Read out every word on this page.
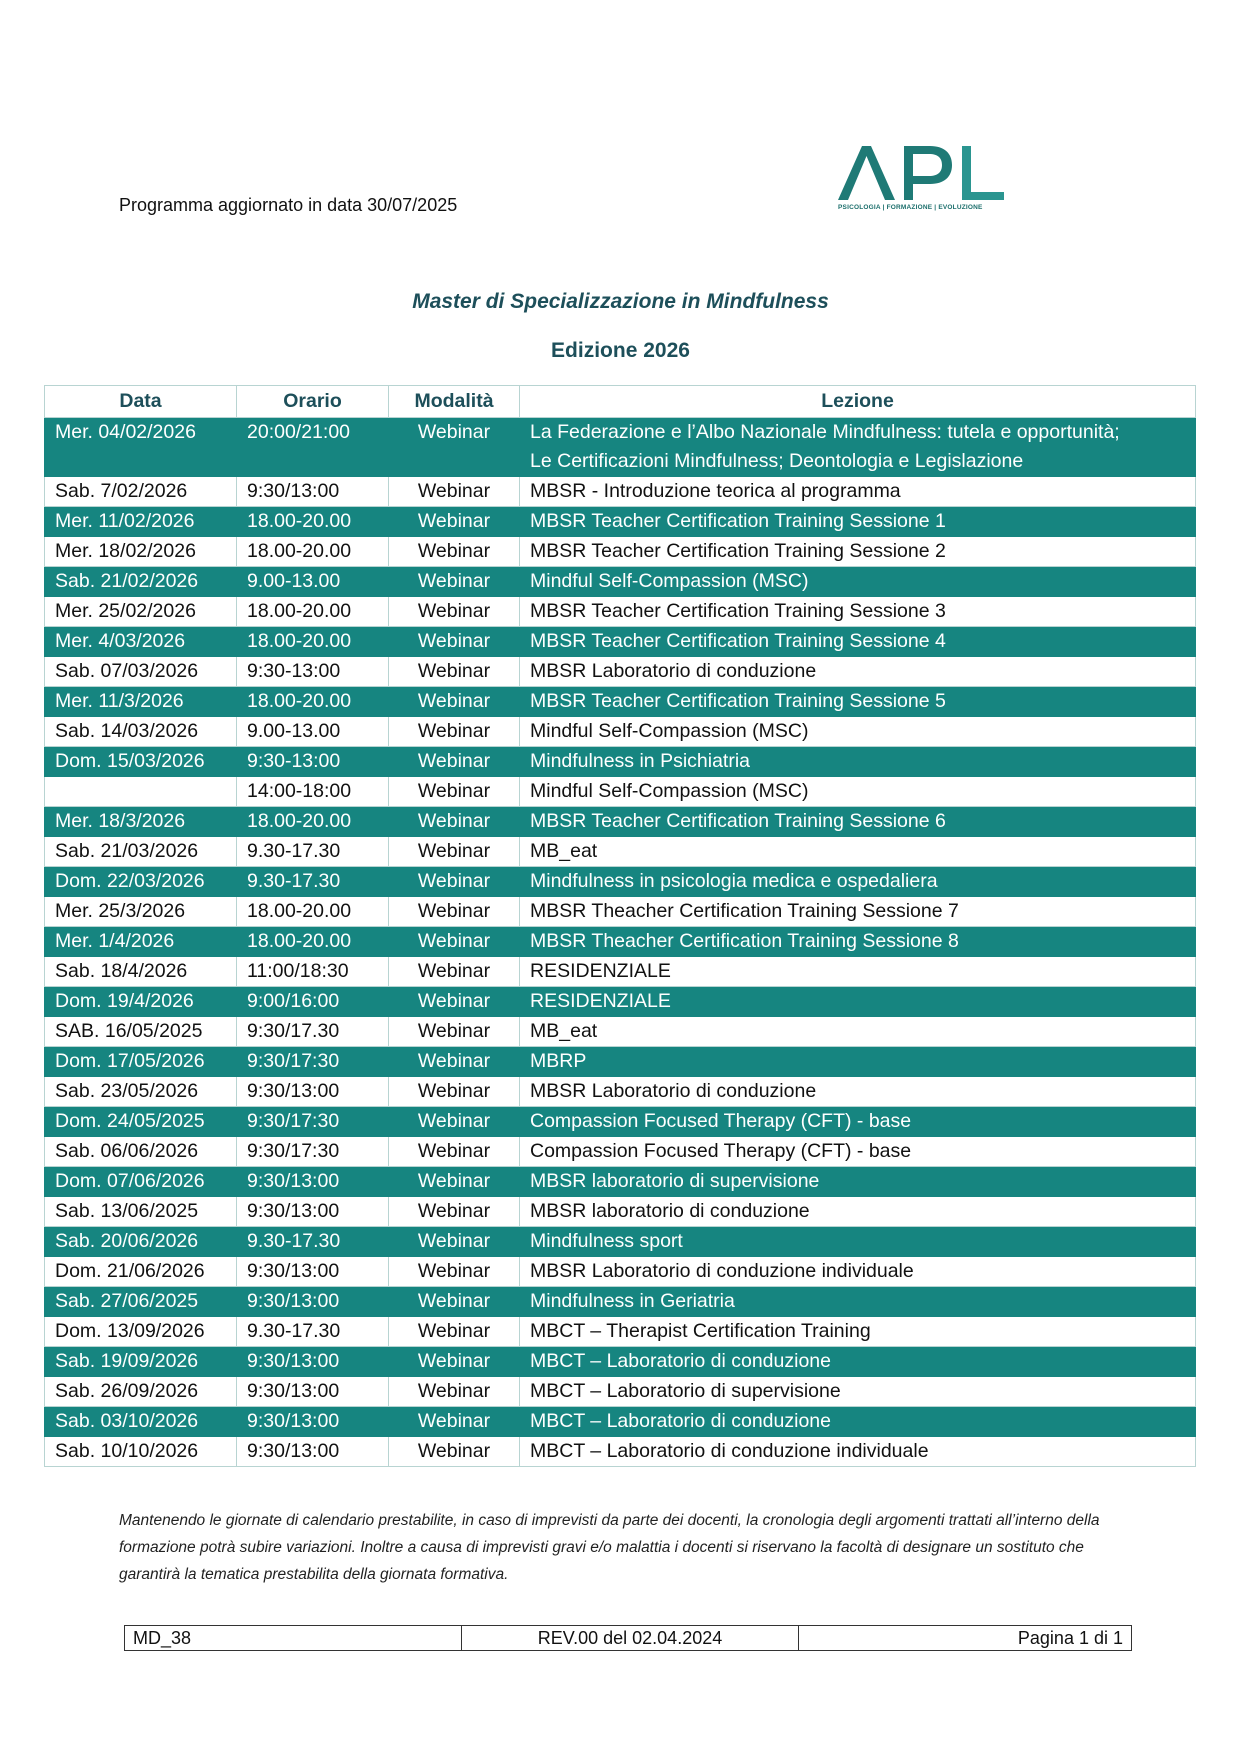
Programma aggiornato in data 30/07/2025	PSICOLOGIA | FORMAZIONE | EVOLUZIONE
Master di Specializzazione in Mindfulness
Edizione 2026
Data	Orario	Modalità	Lezione
Mer. 04/02/2026	20:00/21:00	Webinar	La Federazione e l’Albo Nazionale Mindfulness: tutela e opportunità;
Le Certificazioni Mindfulness; Deontologia e Legislazione

Sab. 7/02/2026	9:30/13:00	Webinar	MBSR - Introduzione teorica al programma
Mer. 11/02/2026	18.00-20.00	Webinar	MBSR Teacher Certification Training Sessione 1
Mer. 18/02/2026	18.00-20.00	Webinar	MBSR Teacher Certification Training Sessione 2
Sab. 21/02/2026	9.00-13.00	Webinar	Mindful Self-Compassion (MSC)
Mer. 25/02/2026	18.00-20.00	Webinar	MBSR Teacher Certification Training Sessione 3
Mer. 4/03/2026	18.00-20.00	Webinar	MBSR Teacher Certification Training Sessione 4
Sab. 07/03/2026	9:30-13:00	Webinar	MBSR Laboratorio di conduzione
Mer. 11/3/2026	18.00-20.00	Webinar	MBSR Teacher Certification Training Sessione 5
Sab. 14/03/2026	9.00-13.00	Webinar	Mindful Self-Compassion (MSC)
Dom. 15/03/2026	9:30-13:00	Webinar	Mindfulness in Psichiatria
	14:00-18:00	Webinar	Mindful Self-Compassion (MSC)
Mer. 18/3/2026	18.00-20.00	Webinar	MBSR Teacher Certification Training Sessione 6
Sab. 21/03/2026	9.30-17.30	Webinar	MB_eat
Dom. 22/03/2026	9.30-17.30	Webinar	Mindfulness in psicologia medica e ospedaliera
Mer. 25/3/2026	18.00-20.00	Webinar	MBSR Theacher Certification Training Sessione 7
Mer. 1/4/2026	18.00-20.00	Webinar	MBSR Theacher Certification Training Sessione 8
Sab. 18/4/2026	11:00/18:30	Webinar	RESIDENZIALE
Dom. 19/4/2026	9:00/16:00	Webinar	RESIDENZIALE
SAB. 16/05/2025	9:30/17.30	Webinar	MB_eat
Dom. 17/05/2026	9:30/17:30	Webinar	MBRP
Sab. 23/05/2026	9:30/13:00	Webinar	MBSR Laboratorio di conduzione
Dom. 24/05/2025	9:30/17:30	Webinar	Compassion Focused Therapy (CFT) - base
Sab. 06/06/2026	9:30/17:30	Webinar	Compassion Focused Therapy (CFT) - base
Dom. 07/06/2026	9:30/13:00	Webinar	MBSR laboratorio di supervisione
Sab. 13/06/2025	9:30/13:00	Webinar	MBSR laboratorio di conduzione
Sab. 20/06/2026	9.30-17.30	Webinar	Mindfulness sport
Dom. 21/06/2026	9:30/13:00	Webinar	MBSR Laboratorio di conduzione individuale
Sab. 27/06/2025	9:30/13:00	Webinar	Mindfulness in Geriatria
Dom. 13/09/2026	9.30-17.30	Webinar	MBCT – Therapist Certification Training
Sab. 19/09/2026	9:30/13:00	Webinar	MBCT – Laboratorio di conduzione
Sab. 26/09/2026	9:30/13:00	Webinar	MBCT – Laboratorio di supervisione
Sab. 03/10/2026	9:30/13:00	Webinar	MBCT – Laboratorio di conduzione
Sab. 10/10/2026	9:30/13:00	Webinar	MBCT – Laboratorio di conduzione individuale
Mantenendo le giornate di calendario prestabilite, in caso di imprevisti da parte dei docenti, la cronologia degli argomenti trattati all’interno della formazione potrà subire variazioni. Inoltre a causa di imprevisti gravi e/o malattia i docenti si riservano la facoltà di designare un sostituto che garantirà la tematica prestabilita della giornata formativa.
MD_38	REV.00 del 02.04.2024	Pagina 1 di 1
